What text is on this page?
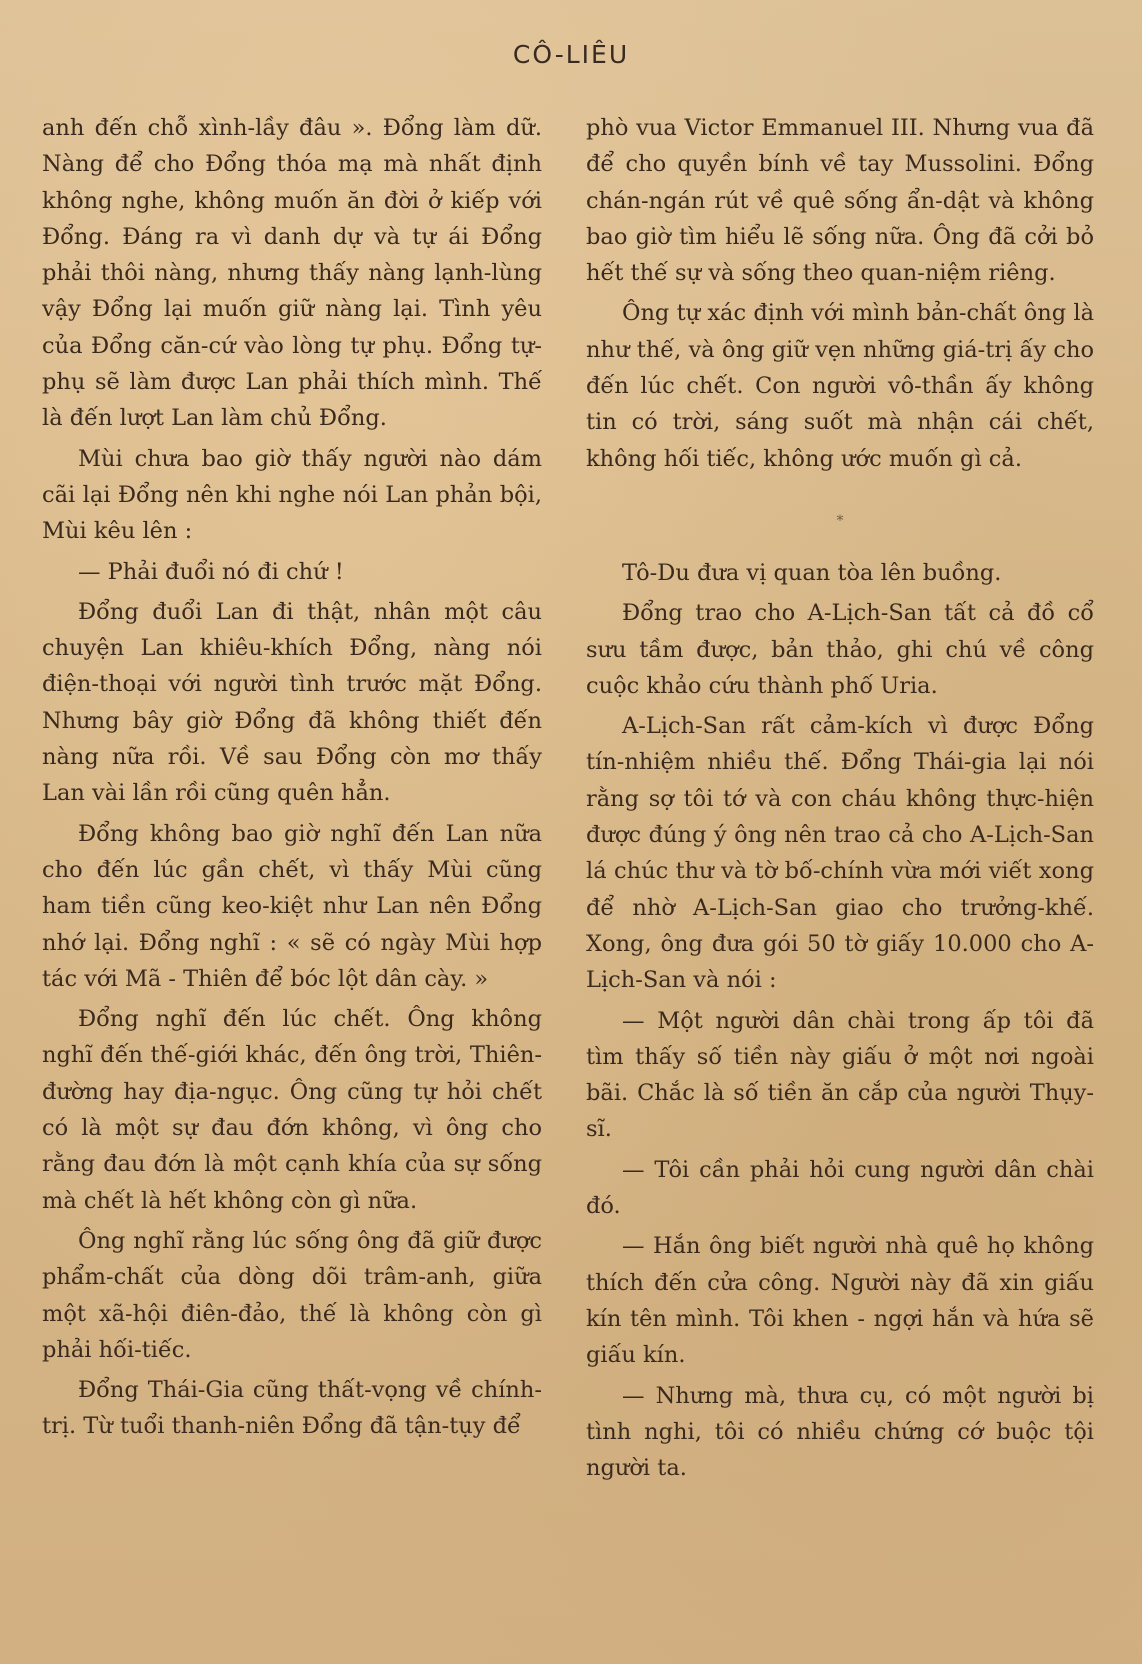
CÔ-LIÊU

anh đến chỗ xình-lầy đâu ». Đổng làm dữ. Nàng để cho Đổng thóa mạ mà nhất định không nghe, không muốn ăn đời ở kiếp với Đổng. Đáng ra vì danh dự và tự ái Đổng phải thôi nàng, nhưng thấy nàng lạnh-lùng vậy Đổng lại muốn giữ nàng lại. Tình yêu của Đổng căn-cứ vào lòng tự phụ. Đổng tự-phụ sẽ làm được Lan phải thích mình. Thế là đến lượt Lan làm chủ Đổng.

Mùi chưa bao giờ thấy người nào dám cãi lại Đổng nên khi nghe nói Lan phản bội, Mùi kêu lên :

— Phải đuổi nó đi chứ !

Đổng đuổi Lan đi thật, nhân một câu chuyện Lan khiêu-khích Đổng, nàng nói điện-thoại với người tình trước mặt Đổng. Nhưng bây giờ Đổng đã không thiết đến nàng nữa rồi. Về sau Đổng còn mơ thấy Lan vài lần rồi cũng quên hẳn.

Đổng không bao giờ nghĩ đến Lan nữa cho đến lúc gần chết, vì thấy Mùi cũng ham tiền cũng keo-kiệt như Lan nên Đổng nhớ lại. Đổng nghĩ : « sẽ có ngày Mùi hợp tác với Mã - Thiên để bóc lột dân cày. »

Đổng nghĩ đến lúc chết. Ông không nghĩ đến thế-giới khác, đến ông trời, Thiên-đường hay địa-ngục. Ông cũng tự hỏi chết có là một sự đau đớn không, vì ông cho rằng đau đớn là một cạnh khía của sự sống mà chết là hết không còn gì nữa.

Ông nghĩ rằng lúc sống ông đã giữ được phẩm-chất của dòng dõi trâm-anh, giữa một xã-hội điên-đảo, thế là không còn gì phải hối-tiếc.

Đổng Thái-Gia cũng thất-vọng về chính-trị. Từ tuổi thanh-niên Đổng đã tận-tụy để

phò vua Victor Emmanuel III. Nhưng vua đã để cho quyền bính về tay Mussolini. Đổng chán-ngán rút về quê sống ẩn-dật và không bao giờ tìm hiểu lẽ sống nữa. Ông đã cởi bỏ hết thế sự và sống theo quan-niệm riêng.

Ông tự xác định với mình bản-chất ông là như thế, và ông giữ vẹn những giá-trị ấy cho đến lúc chết. Con người vô-thần ấy không tin có trời, sáng suốt mà nhận cái chết, không hối tiếc, không ước muốn gì cả.

*

Tô-Du đưa vị quan tòa lên buồng.

Đổng trao cho A-Lịch-San tất cả đồ cổ sưu tầm được, bản thảo, ghi chú về công cuộc khảo cứu thành phố Uria.

A-Lịch-San rất cảm-kích vì được Đổng tín-nhiệm nhiều thế. Đổng Thái-gia lại nói rằng sợ tôi tớ và con cháu không thực-hiện được đúng ý ông nên trao cả cho A-Lịch-San lá chúc thư và tờ bố-chính vừa mới viết xong để nhờ A-Lịch-San giao cho trưởng-khế. Xong, ông đưa gói 50 tờ giấy 10.000 cho A-Lịch-San và nói :

— Một người dân chài trong ấp tôi đã tìm thấy số tiền này giấu ở một nơi ngoài bãi. Chắc là số tiền ăn cắp của người Thụy-sĩ.

— Tôi cần phải hỏi cung người dân chài đó.

— Hắn ông biết người nhà quê họ không thích đến cửa công. Người này đã xin giấu kín tên mình. Tôi khen - ngợi hắn và hứa sẽ giấu kín.

— Nhưng mà, thưa cụ, có một người bị tình nghi, tôi có nhiều chứng cớ buộc tội người ta.
